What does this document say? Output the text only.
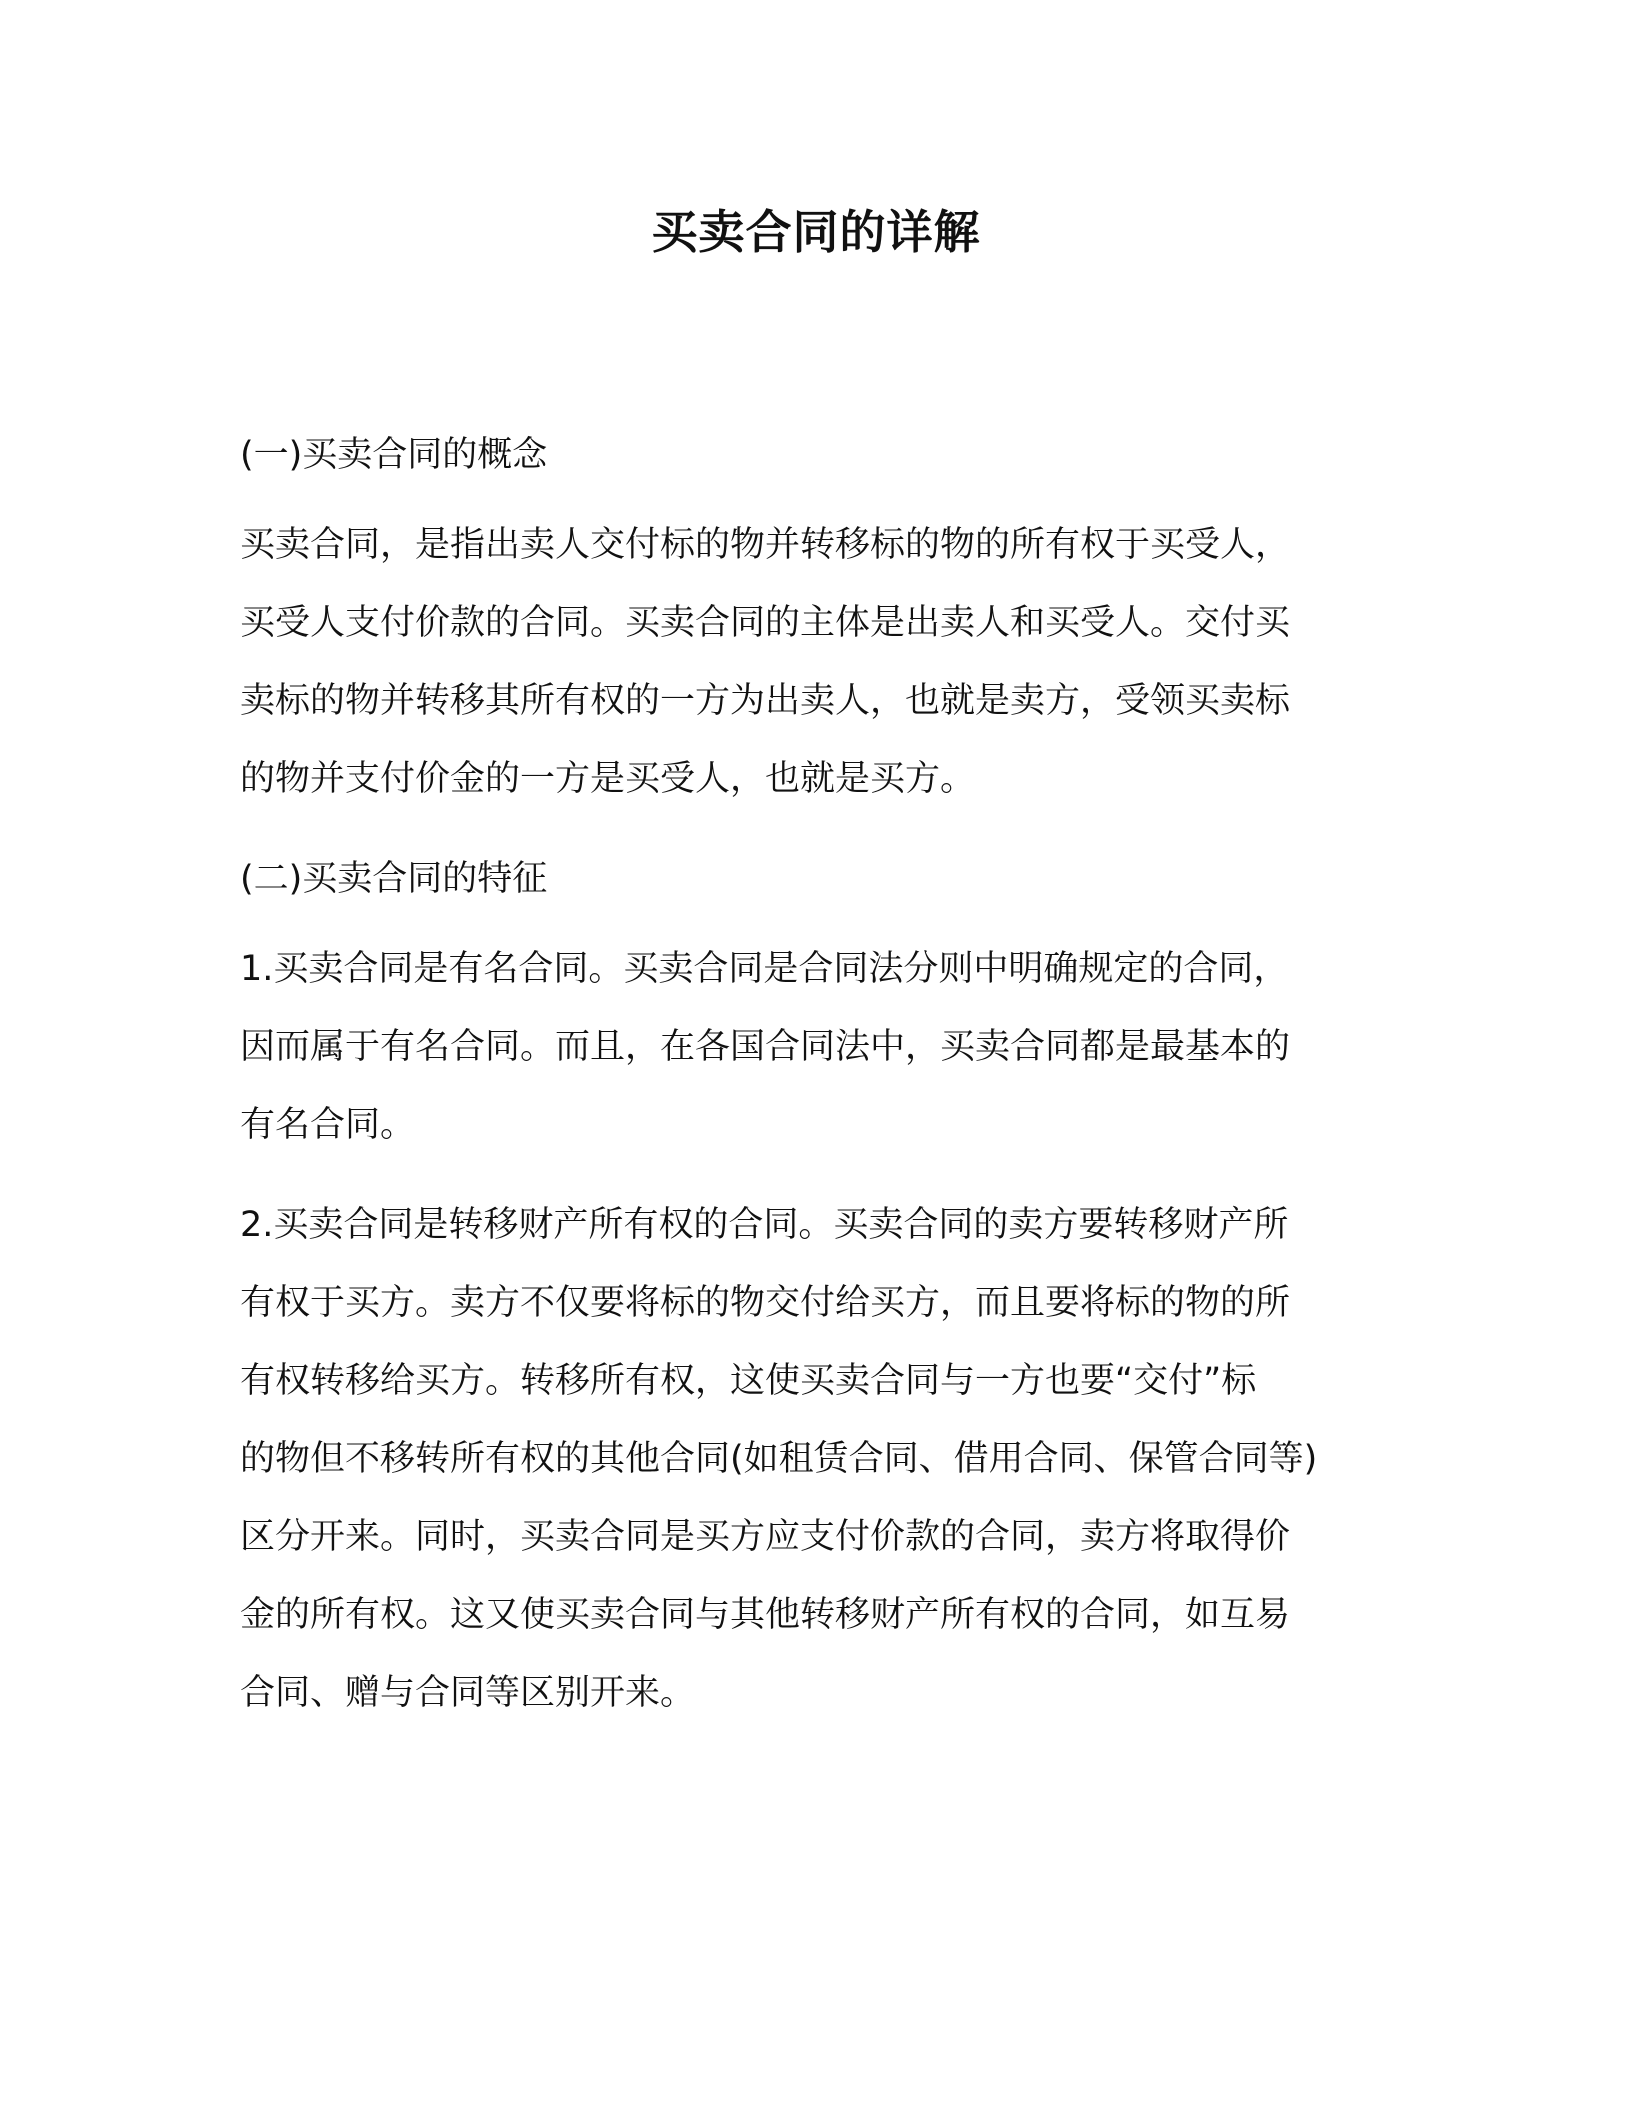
买卖合同的详解
(一)买卖合同的概念
买卖合同，是指出卖人交付标的物并转移标的物的所有权于买受人，
买受人支付价款的合同。买卖合同的主体是出卖人和买受人。交付买
卖标的物并转移其所有权的一方为出卖人，也就是卖方，受领买卖标
的物并支付价金的一方是买受人，也就是买方。
(二)买卖合同的特征
1.买卖合同是有名合同。买卖合同是合同法分则中明确规定的合同，
因而属于有名合同。而且，在各国合同法中，买卖合同都是最基本的
有名合同。
2.买卖合同是转移财产所有权的合同。买卖合同的卖方要转移财产所
有权于买方。卖方不仅要将标的物交付给买方，而且要将标的物的所
有权转移给买方。转移所有权，这使买卖合同与一方也要“交付”标
的物但不移转所有权的其他合同(如租赁合同、借用合同、保管合同等)
区分开来。同时，买卖合同是买方应支付价款的合同，卖方将取得价
金的所有权。这又使买卖合同与其他转移财产所有权的合同，如互易
合同、赠与合同等区别开来。
